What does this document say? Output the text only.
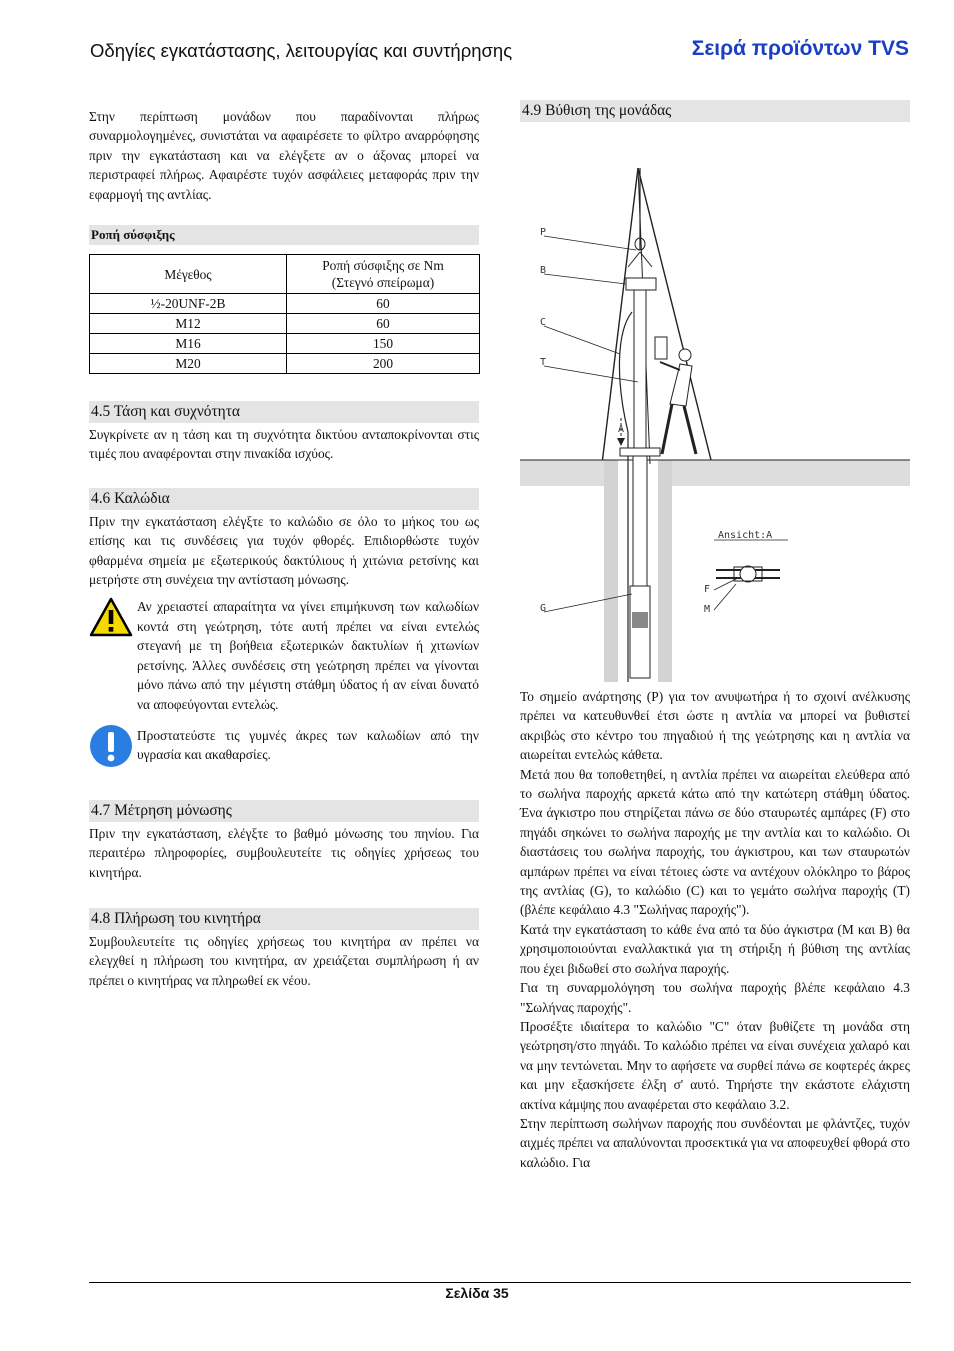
Οδηγίες εγκατάστασης, λειτουργίας και συντήρησης	Σειρά προϊόντων TVS

Στην περίπτωση μονάδων που παραδίνονται πλήρως συναρμολογημένες, συνιστάται να αφαιρέσετε το φίλτρο αναρρόφησης πριν την εγκατάσταση και να ελέγξετε αν ο άξονας μπορεί να περιστραφεί πλήρως. Αφαιρέστε τυχόν ασφάλειες μεταφοράς πριν την εφαρμογή της αντλίας.

Ροπή σύσφιξης
Μέγεθος	Ροπή σύσφιξης σε Nm
(Στεγνό σπείρωμα)

½-20UNF-2B	60
M12	60
M16	150
M20	200
4.5 Τάση και συχνότητα

Συγκρίνετε αν η τάση και τη συχνότητα δικτύου ανταποκρίνονται στις τιμές που αναφέρονται στην πινακίδα ισχύος.

4.6 Καλώδια

Πριν την εγκατάσταση ελέγξτε το καλώδιο σε όλο το μήκος του ως επίσης και τις συνδέσεις για τυχόν φθορές. Επιδιορθώστε τυχόν φθαρμένα σημεία με εξωτερικούς δακτύλιους ή χιτώνια ρετσίνης και μετρήστε στη συνέχεια την αντίσταση μόνωσης.

Αν χρειαστεί απαραίτητα να γίνει επιμήκυνση των καλωδίων κοντά στη γεώτρηση, τότε αυτή πρέπει να είναι εντελώς στεγανή με τη βοήθεια εξωτερικών δακτυλίων ή χιτωνίων ρετσίνης. Άλλες συνδέσεις στη γεώτρηση πρέπει να γίνονται μόνο πάνω από την μέγιστη στάθμη ύδατος ή αν είναι δυνατό να αποφεύγονται εντελώς.

Προστατεύστε τις γυμνές άκρες των καλωδίων από την υγρασία και ακαθαρσίες.

4.7 Μέτρηση μόνωσης

Πριν την εγκατάσταση, ελέγξτε το βαθμό μόνωσης του πηνίου. Για περαιτέρω πληροφορίες, συμβουλευτείτε τις οδηγίες χρήσεως του κινητήρα.

4.8 Πλήρωση του κινητήρα

Συμβουλευτείτε τις οδηγίες χρήσεως του κινητήρα αν πρέπει να ελεγχθεί η πλήρωση του κινητήρα, αν χρειάζεται συμπλήρωση ή αν πρέπει ο κινητήρας να πληρωθεί εκ νέου.

4.9 Βύθιση της μονάδας
P
B
C
T
A
G
F
M
Ansicht:A

Το σημείο ανάρτησης (P) για τον ανυψωτήρα ή το σχοινί ανέλκυσης πρέπει να κατευθυνθεί έτσι ώστε η αντλία να μπορεί να βυθιστεί ακριβώς στο κέντρο του πηγαδιού ή της γεώτρησης και η αντλία να αιωρείται εντελώς κάθετα.

Μετά που θα τοποθετηθεί, η αντλία πρέπει να αιωρείται ελεύθερα από το σωλήνα παροχής αρκετά κάτω από την κατώτερη στάθμη ύδατος. Ένα άγκιστρο που στηρίζεται πάνω σε δύο σταυρωτές αμπάρες (F) στο πηγάδι σηκώνει το σωλήνα παροχής με την αντλία και το καλώδιο. Οι διαστάσεις του σωλήνα παροχής, του άγκιστρου, και των σταυρωτών αμπάρων πρέπει να είναι τέτοιες ώστε να αντέχουν ολόκληρο το βάρος της αντλίας (G), το καλώδιο (C) και το γεμάτο σωλήνα παροχής (T) (βλέπε κεφάλαιο 4.3 "Σωλήνας παροχής").

Κατά την εγκατάσταση το κάθε ένα από τα δύο άγκιστρα (M και B) θα χρησιμοποιούνται εναλλακτικά για τη στήριξη ή βύθιση της αντλίας που έχει βιδωθεί στο σωλήνα παροχής.

Για τη συναρμολόγηση του σωλήνα παροχής βλέπε κεφάλαιο 4.3 "Σωλήνας παροχής".

Προσέξτε ιδιαίτερα το καλώδιο "C" όταν βυθίζετε τη μονάδα στη γεώτρηση/στο πηγάδι. Το καλώδιο πρέπει να είναι συνέχεια χαλαρό και να μην τεντώνεται. Μην το αφήσετε να συρθεί πάνω σε κοφτερές άκρες και μην εξασκήσετε έλξη σ' αυτό. Τηρήστε την εκάστοτε ελάχιστη ακτίνα κάμψης που αναφέρεται στο κεφάλαιο 3.2.

Στην περίπτωση σωλήνων παροχής που συνδέονται με φλάντζες, τυχόν αιχμές πρέπει να απαλύνονται προσεκτικά για να αποφευχθεί φθορά στο καλώδιο. Για

Σελίδα 35
